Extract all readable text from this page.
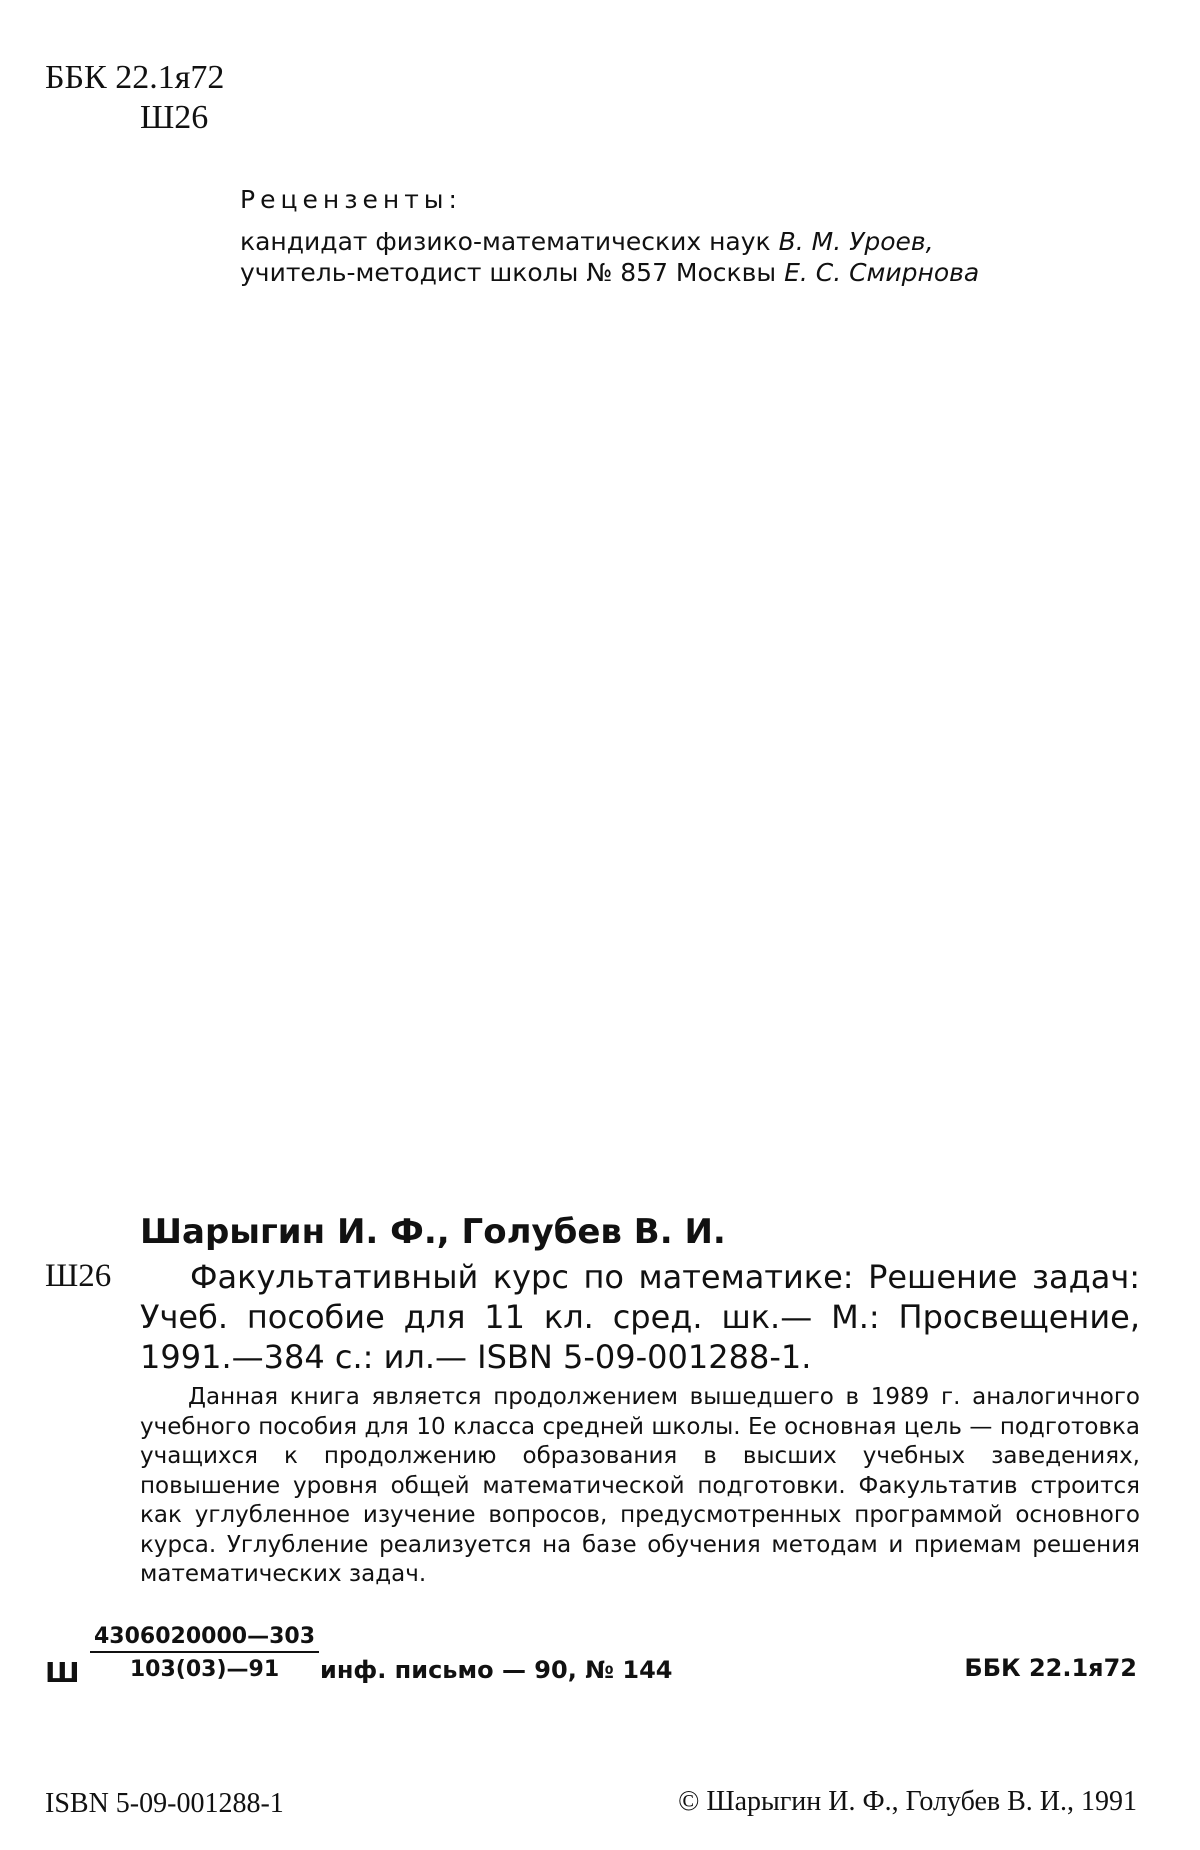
ББК 22.1я72
Ш26
Рецензенты:
кандидат физико-математических наук В. М. Уроев,
учитель-методист школы № 857 Москвы Е. С. Смирнова
Шарыгин И. Ф., Голубев В. И.
Ш26 Факультативный курс по математике: Решение задач:
Учеб. пособие для 11 кл. сред. шк.— М.: Просвещение,
1991.—384 с.: ил.— ISBN 5-09-001288-1.
Данная книга является продолжением вышедшего в 1989 г. аналогичного учебного пособия для 10 класса средней школы. Ее основная цель — подготовка учащихся к продолжению образования в высших учебных заведениях, повышение уровня общей математической подготовки. Факультатив строится как углубленное изучение вопросов, предусмотренных программой основного курса. Углубление реализуется на базе обучения методам и приемам решения математических задач.
Ш $\frac{4306020000—303}{103(03)—91}$ инф. письмо — 90, № 144	ББК 22.1я72
ISBN 5-09-001288-1	© Шарыгин И. Ф., Голубев В. И., 1991
